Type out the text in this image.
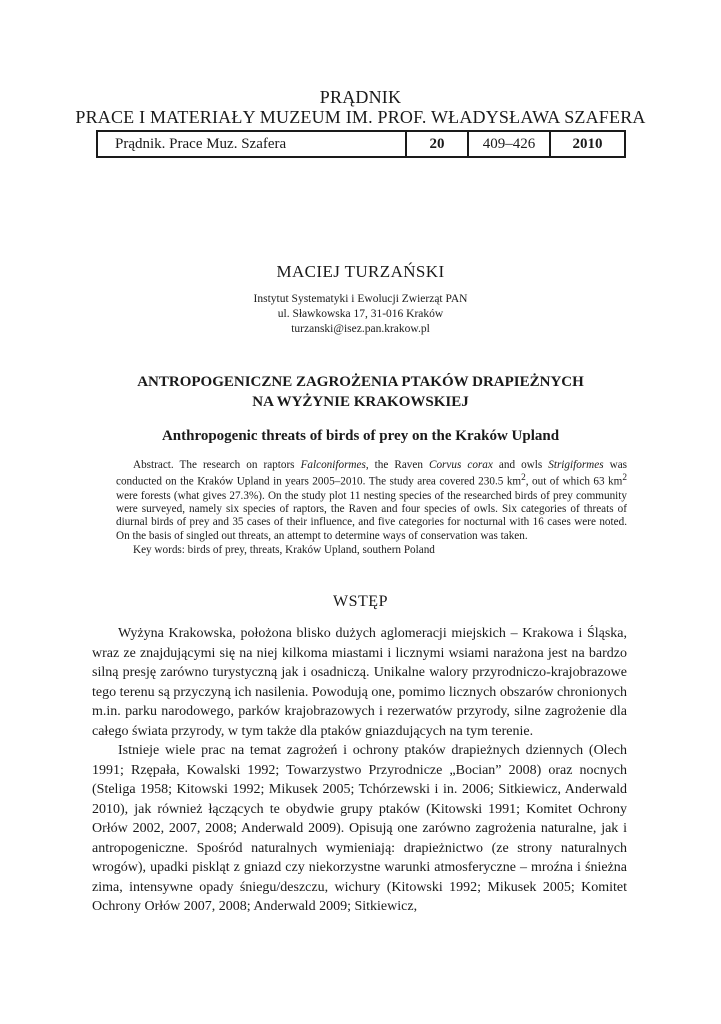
PRĄDNIK
PRACE I MATERIAŁY MUZEUM IM. PROF. WŁADYSŁAWA SZAFERA
Prądnik. Prace Muz. Szafera	20	409–426	2010
MACIEJ TURZAŃSKI
Instytut Systematyki i Ewolucji Zwierząt PAN
ul. Sławkowska 17, 31-016 Kraków
turzanski@isez.pan.krakow.pl
ANTROPOGENICZNE ZAGROŻENIA PTAKÓW DRAPIEŻNYCH
NA WYŻYNIE KRAKOWSKIEJ
Anthropogenic threats of birds of prey on the Kraków Upland

Abstract. The research on raptors Falconiformes, the Raven Corvus corax and owls Strigiformes was conducted on the Kraków Upland in years 2005–2010. The study area covered 230.5 $km^2$, out of which 63 $km^2$ were forests (what gives 27.3%). On the study plot 11 nesting species of the researched birds of prey community were surveyed, namely six species of raptors, the Raven and four species of owls. Six categories of threats of diurnal birds of prey and 35 cases of their influence, and five categories for nocturnal with 16 cases were noted. On the basis of singled out threats, an attempt to determine ways of conservation was taken.

Key words: birds of prey, threats, Kraków Upland, southern Poland

WSTĘP

Wyżyna Krakowska, położona blisko dużych aglomeracji miejskich – Krakowa i Śląska, wraz ze znajdującymi się na niej kilkoma miastami i licznymi wsiami narażona jest na bardzo silną presję zarówno turystyczną jak i osadniczą. Unikalne walory przyrodniczo-krajobrazowe tego terenu są przyczyną ich nasilenia. Powodują one, pomimo licznych obszarów chronionych m.in. parku narodowego, parków krajobrazowych i rezerwatów przyrody, silne zagrożenie dla całego świata przyrody, w tym także dla ptaków gniazdujących na tym terenie.

Istnieje wiele prac na temat zagrożeń i ochrony ptaków drapieżnych dziennych (Olech 1991; Rzępała, Kowalski 1992; Towarzystwo Przyrodnicze „Bocian” 2008) oraz nocnych (Steliga 1958; Kitowski 1992; Mikusek 2005; Tchórzewski i in. 2006; Sitkiewicz, Anderwald 2010), jak również łączących te obydwie grupy ptaków (Kitowski 1991; Komitet Ochrony Orłów 2002, 2007, 2008; Anderwald 2009). Opisują one zarówno zagrożenia naturalne, jak i antropogeniczne. Spośród naturalnych wymieniają: drapieżnictwo (ze strony naturalnych wrogów), upadki piskląt z gniazd czy niekorzystne warunki atmosferyczne – mroźna i śnieżna zima, intensywne opady śniegu/deszczu, wichury (Kitowski 1992; Mikusek 2005; Komitet Ochrony Orłów 2007, 2008; Anderwald 2009; Sitkiewicz,
